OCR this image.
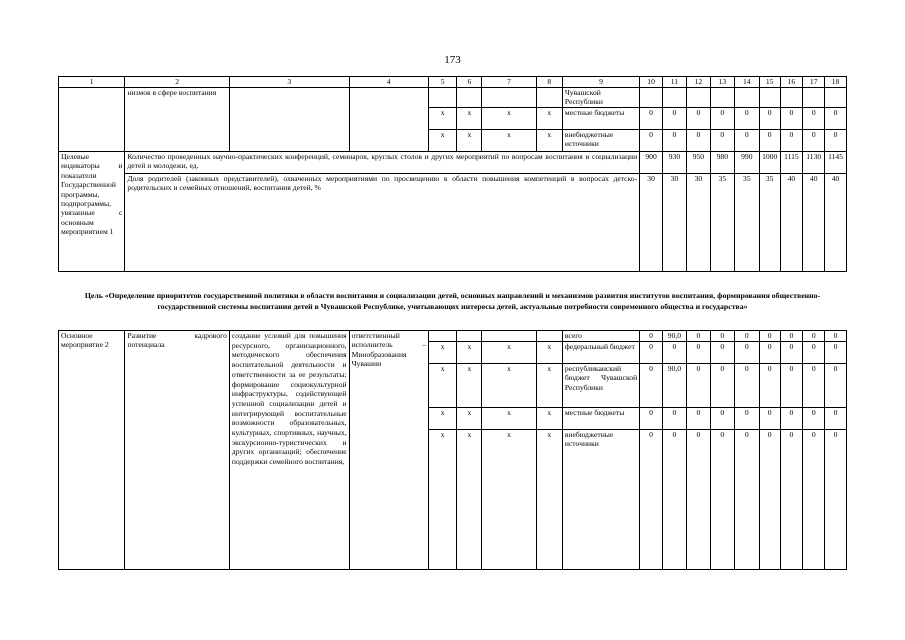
173
1	2	3	4	5	6	7	8	9	10	11	12	13	14	15	16	17	18
	низмов в сфере воспитания							Чувашской Республики									
				x	x	x	x	местные бюджеты	0	0	0	0	0	0	0	0	0
				x	x	x	x	внебюджетные источники	0	0	0	0	0	0	0	0	0
Целевые индикаторы и показатели Государственной программы, подпрограммы, увязанные с основным мероприятием 1	Количество проведенных научно-практических конференций, семинаров, круглых столов и других мероприятий по вопросам воспитания и социализации детей и молодежи, ед.								900	930	950	980	990	1000	1115	1130	1145
	Доля родителей (законных представителей), охваченных мероприятиями по просвещению в области повышения компетенций в вопросах детско-родительских и семейных отношений, воспитания детей, %								30	30	30	35	35	35	40	40	40
Цель «Определение приоритетов государственной политики в области воспитания и социализации детей, основных направлений и механизмов развития институтов воспитания, формирования общественно-государственной системы воспитания детей в Чувашской Республике, учитывающих интересы детей, актуальные потребности современного общества и государства»
Основное мероприятие 2	Развитие кадрового потенциала	создание условий для повышения ресурсного, организационного, методического обеспечения воспитательной деятельности и ответственности за ее результаты; формирование социокультурной инфраструктуры, содействующей успешной социализации детей и интегрирующей воспитательные возможности образовательных, культурных, спортивных, научных, экскурсионно-туристических и других организаций; обеспечение поддержки семейного воспитания,	ответственный исполнитель – Минобразования Чувашии					всего	0	90,0	0	0	0	0	0	0	0
				x	x	x	x	федеральный бюджет	0	0	0	0	0	0	0	0	0
				x	x	x	x	республиканский бюджет Чувашской Республики	0	90,0	0	0	0	0	0	0	0
				x	x	x	x	местные бюджеты	0	0	0	0	0	0	0	0	0
				x	x	x	x	внебюджетные источники	0	0	0	0	0	0	0	0	0
